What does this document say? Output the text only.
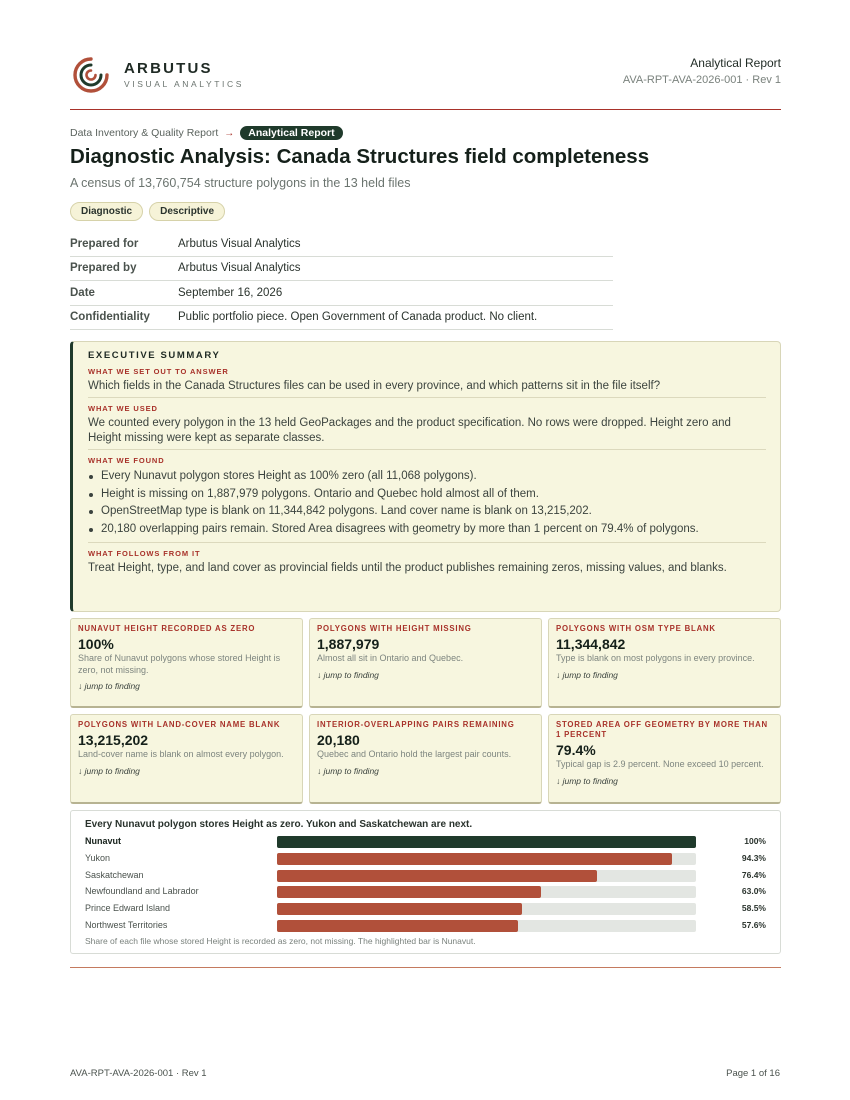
ARBUTUS
VISUAL ANALYTICS
Analytical Report
AVA-RPT-AVA-2026-001 · Rev 1
Data Inventory & Quality Report →	Analytical Report
Diagnostic Analysis: Canada Structures field completeness
A census of 13,760,754 structure polygons in the 13 held files
Diagnostic	Descriptive
Prepared for	Arbutus Visual Analytics
Prepared by	Arbutus Visual Analytics
Date	September 16, 2026
Confidentiality	Public portfolio piece. Open Government of Canada product. No client.
EXECUTIVE SUMMARY
WHAT WE SET OUT TO ANSWER
Which fields in the Canada Structures files can be used in every province, and which patterns sit in the file itself?
WHAT WE USED
We counted every polygon in the 13 held GeoPackages and the product specification. No rows were dropped. Height zero and Height missing were kept as separate classes.
WHAT WE FOUND
Every Nunavut polygon stores Height as 100% zero (all 11,068 polygons).
Height is missing on 1,887,979 polygons. Ontario and Quebec hold almost all of them.
OpenStreetMap type is blank on 11,344,842 polygons. Land cover name is blank on 13,215,202.
20,180 overlapping pairs remain. Stored Area disagrees with geometry by more than 1 percent on 79.4% of polygons.
WHAT FOLLOWS FROM IT
Treat Height, type, and land cover as provincial fields until the product publishes remaining zeros, missing values, and blanks.
NUNAVUT HEIGHT RECORDED AS ZERO
100%
Share of Nunavut polygons whose stored Height is zero, not missing.
↓ jump to finding
POLYGONS WITH HEIGHT MISSING
1,887,979
Almost all sit in Ontario and Quebec.
↓ jump to finding
POLYGONS WITH OSM TYPE BLANK
11,344,842
Type is blank on most polygons in every province.
↓ jump to finding
POLYGONS WITH LAND-COVER NAME BLANK
13,215,202
Land-cover name is blank on almost every polygon.
↓ jump to finding
INTERIOR-OVERLAPPING PAIRS REMAINING
20,180
Quebec and Ontario hold the largest pair counts.
↓ jump to finding
STORED AREA OFF GEOMETRY BY MORE THAN 1 PERCENT
79.4%
Typical gap is 2.9 percent. None exceed 10 percent.
↓ jump to finding
Every Nunavut polygon stores Height as zero. Yukon and Saskatchewan are next.
Nunavut	100%
Yukon	94.3%
Saskatchewan	76.4%
Newfoundland and Labrador	63.0%
Prince Edward Island	58.5%
Northwest Territories	57.6%
Share of each file whose stored Height is recorded as zero, not missing. The highlighted bar is Nunavut.
AVA-RPT-AVA-2026-001 · Rev 1	Page 1 of 16
